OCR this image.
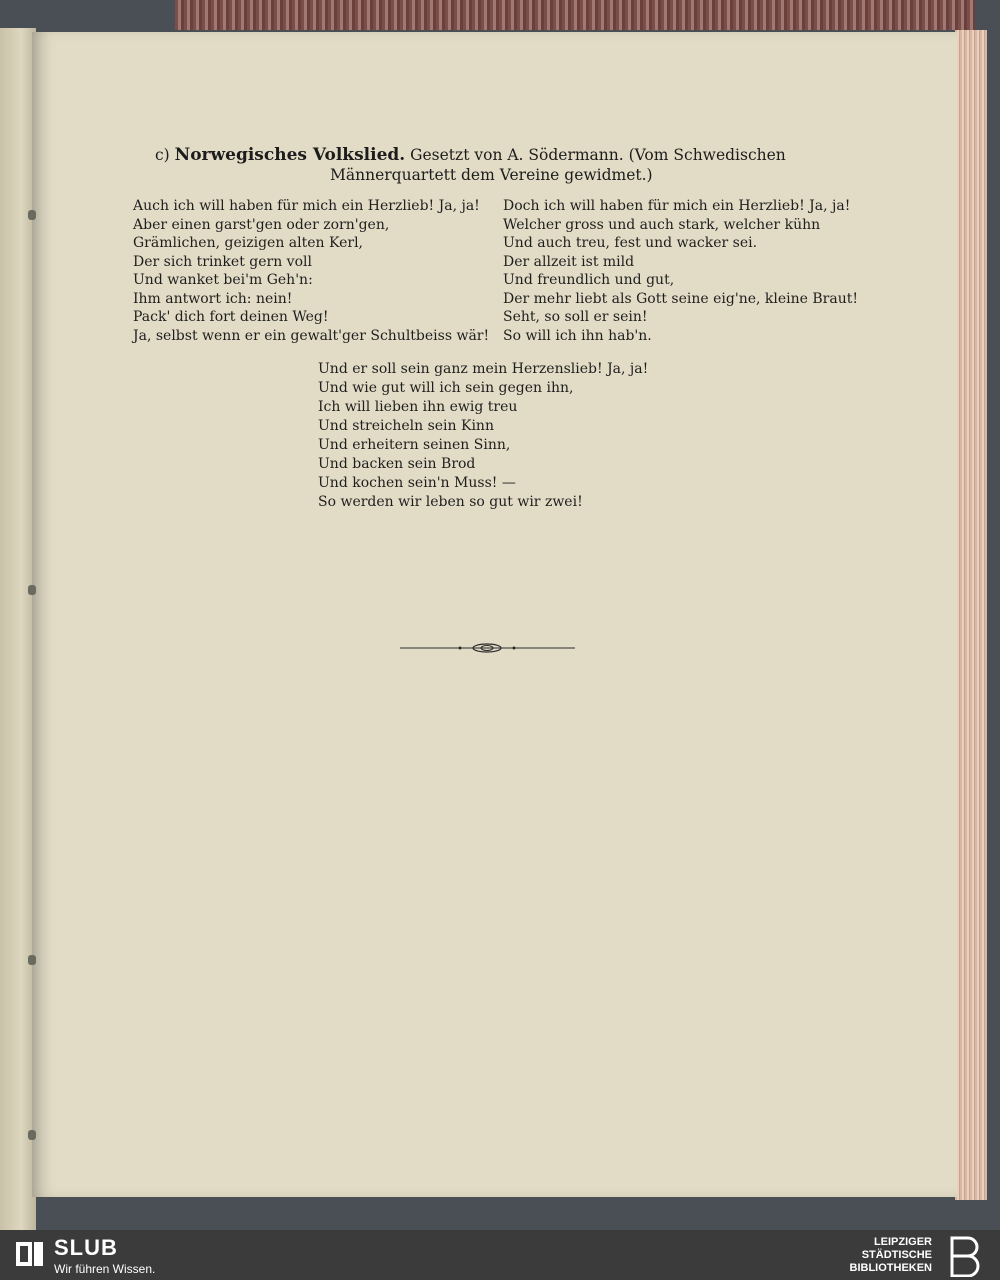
c) Norwegisches Volkslied. Gesetzt von A. Södermann. (Vom Schwedischen
Männerquartett dem Vereine gewidmet.)
Auch ich will haben für mich ein Herzlieb! Ja, ja!
Aber einen garst'gen oder zorn'gen,
Grämlichen, geizigen alten Kerl,
Der sich trinket gern voll
Und wanket bei'm Geh'n:
Ihm antwort ich: nein!
Pack' dich fort deinen Weg!
Ja, selbst wenn er ein gewalt'ger Schultbeiss wär!
Doch ich will haben für mich ein Herzlieb! Ja, ja!
Welcher gross und auch stark, welcher kühn
Und auch treu, fest und wacker sei.
Der allzeit ist mild
Und freundlich und gut,
Der mehr liebt als Gott seine eig'ne, kleine Braut!
Seht, so soll er sein!
So will ich ihn hab'n.
Und er soll sein ganz mein Herzenslieb! Ja, ja!
Und wie gut will ich sein gegen ihn,
Ich will lieben ihn ewig treu
Und streicheln sein Kinn
Und erheitern seinen Sinn,
Und backen sein Brod
Und kochen sein'n Muss! —
So werden wir leben so gut wir zwei!
SLUB
Wir führen Wissen.
LEIPZIGER
STÄDTISCHE
BIBLIOTHEKEN
